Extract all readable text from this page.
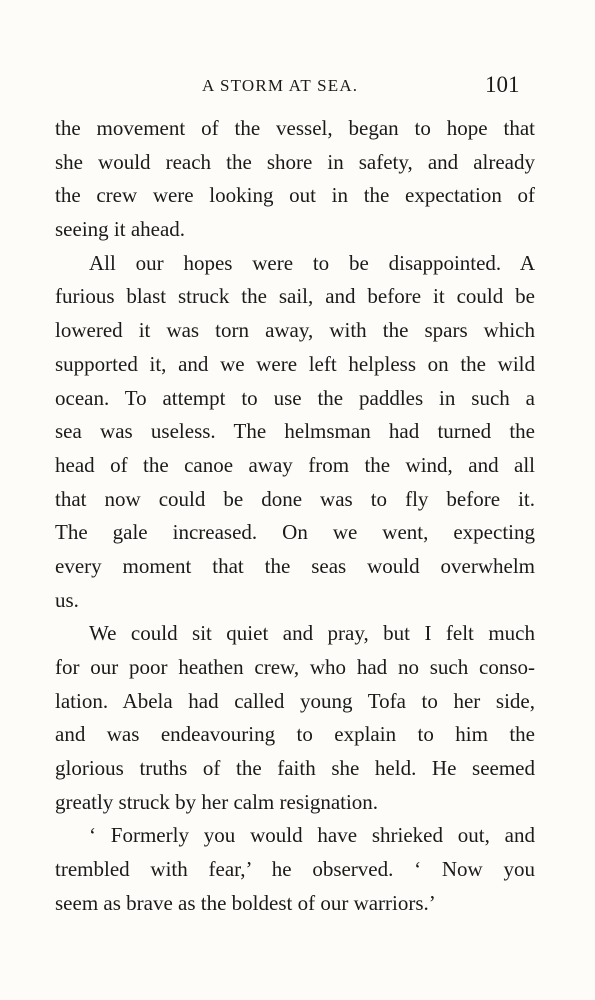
A STORM AT SEA.	101
the movement of the vessel, began to hope that
she would reach the shore in safety, and already
the crew were looking out in the expectation of
seeing it ahead.
All our hopes were to be disappointed. A
furious blast struck the sail, and before it could be
lowered it was torn away, with the spars which
supported it, and we were left helpless on the wild
ocean. To attempt to use the paddles in such a
sea was useless. The helmsman had turned the
head of the canoe away from the wind, and all
that now could be done was to fly before it.
The gale increased. On we went, expecting
every moment that the seas would overwhelm
us.
We could sit quiet and pray, but I felt much
for our poor heathen crew, who had no such conso-
lation. Abela had called young Tofa to her side,
and was endeavouring to explain to him the
glorious truths of the faith she held. He seemed
greatly struck by her calm resignation.
‘ Formerly you would have shrieked out, and
trembled with fear,’ he observed. ‘ Now you
seem as brave as the boldest of our warriors.’
